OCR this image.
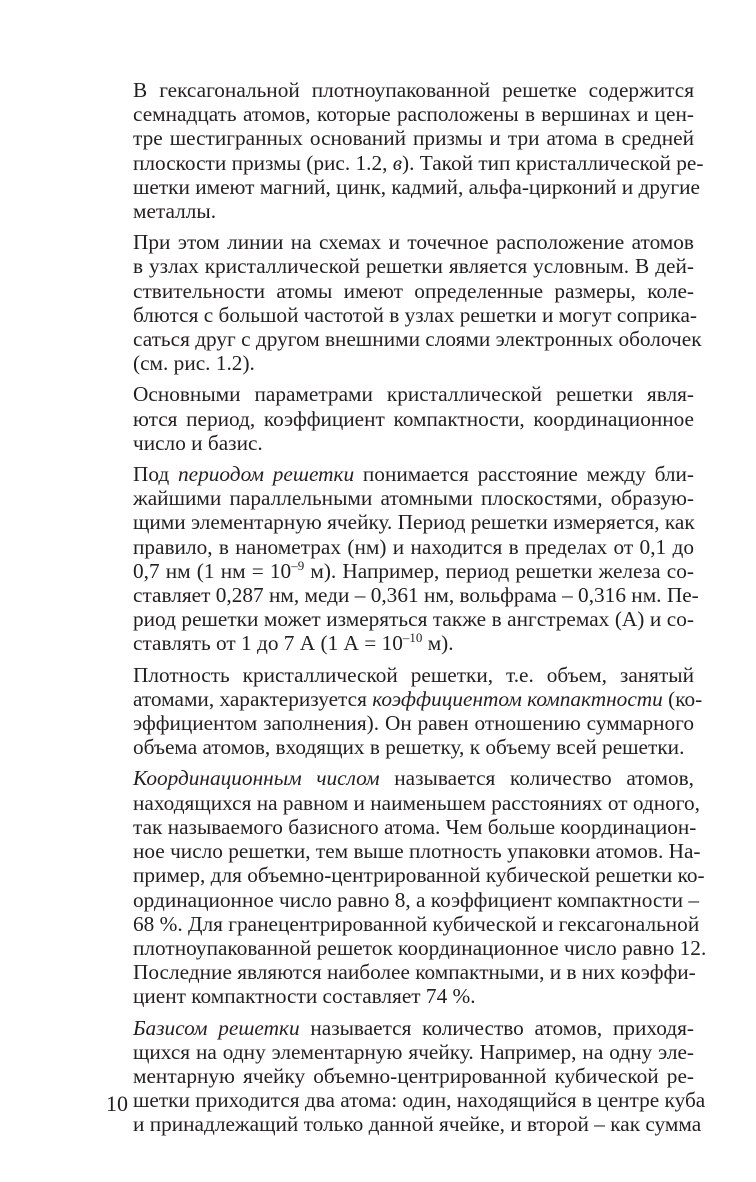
В гексагональной плотноупакованной решетке содержится
семнадцать атомов, которые расположены в вершинах и цен-
тре шестигранных оснований призмы и три атома в средней
плоскости призмы (рис. 1.2, в). Такой тип кристаллической ре-
шетки имеют магний, цинк, кадмий, альфа-цирконий и другие
металлы.

При этом линии на схемах и точечное расположение атомов
в узлах кристаллической решетки является условным. В дей-
ствительности атомы имеют определенные размеры, коле-
блются с большой частотой в узлах решетки и могут соприка-
саться друг с другом внешними слоями электронных оболочек
(см. рис. 1.2).

Основными параметрами кристаллической решетки явля-
ются период, коэффициент компактности, координационное
число и базис.

Под периодом решетки понимается расстояние между бли-
жайшими параллельными атомными плоскостями, образую-
щими элементарную ячейку. Период решетки измеряется, как
правило, в нанометрах (нм) и находится в пределах от 0,1 до
0,7 нм (1 нм = $10^{-9}$ м). Например, период решетки железа со-
ставляет 0,287 нм, меди – 0,361 нм, вольфрама – 0,316 нм. Пе-
риод решетки может измеряться также в ангстремах (А) и со-
ставлять от 1 до 7 А (1 $А = 10^{-10}$ м).

Плотность кристаллической решетки, т.е. объем, занятый
атомами, характеризуется коэффициентом компактности (ко-
эффициентом заполнения). Он равен отношению суммарного
объема атомов, входящих в решетку, к объему всей решетки.

Координационным числом называется количество атомов,
находящихся на равном и наименьшем расстояниях от одного,
так называемого базисного атома. Чем больше координацион-
ное число решетки, тем выше плотность упаковки атомов. На-
пример, для объемно-центрированной кубической решетки ко-
ординационное число равно 8, а коэффициент компактности –
68 %. Для гранецентрированной кубической и гексагональной
плотноупакованной решеток координационное число равно 12.
Последние являются наиболее компактными, и в них коэффи-
циент компактности составляет 74 %.

Базисом решетки называется количество атомов, приходя-
щихся на одну элементарную ячейку. Например, на одну эле-
ментарную ячейку объемно-центрированной кубической ре-
шетки приходится два атома: один, находящийся в центре куба
и принадлежащий только данной ячейке, и второй – как сумма

10
